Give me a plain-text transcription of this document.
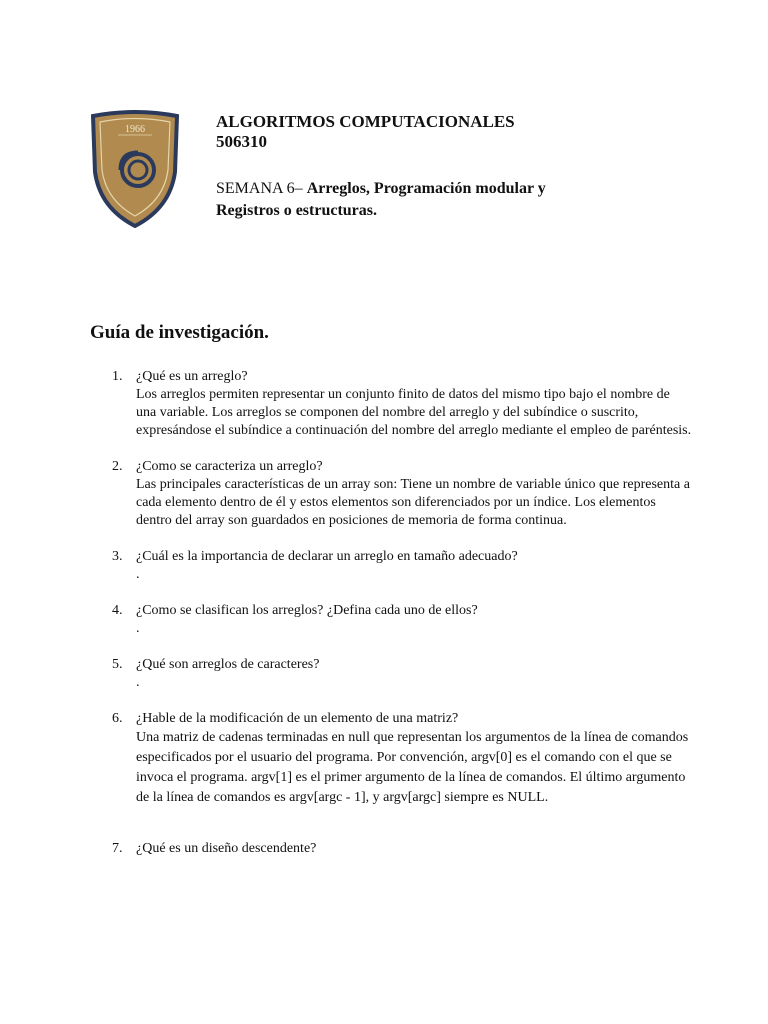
1966	ALGORITMOS COMPUTACIONALES

506310

SEMANA 6– Arreglos, Programación modular y Registros o estructuras.
Guía de investigación.
1. ¿Qué es un arreglo?
Los arreglos permiten representar un conjunto finito de datos del mismo tipo bajo el nombre de una variable. Los arreglos se componen del nombre del arreglo y del subíndice o suscrito, expresándose el subíndice a continuación del nombre del arreglo mediante el empleo de paréntesis.
2. ¿Como se caracteriza un arreglo?
Las principales características de un array son: Tiene un nombre de variable único que representa a cada elemento dentro de él y estos elementos son diferenciados por un índice. Los elementos dentro del array son guardados en posiciones de memoria de forma continua.
3. ¿Cuál es la importancia de declarar un arreglo en tamaño adecuado?
.
4. ¿Como se clasifican los arreglos? ¿Defina cada uno de ellos?
.
5. ¿Qué son arreglos de caracteres?
.
6. ¿Hable de la modificación de un elemento de una matriz?
Una matriz de cadenas terminadas en null que representan los argumentos de la línea de comandos especificados por el usuario del programa. Por convención, argv[0] es el comando con el que se invoca el programa. argv[1] es el primer argumento de la línea de comandos. El último argumento de la línea de comandos es argv[argc - 1], y argv[argc] siempre es NULL.
7. ¿Qué es un diseño descendente?
